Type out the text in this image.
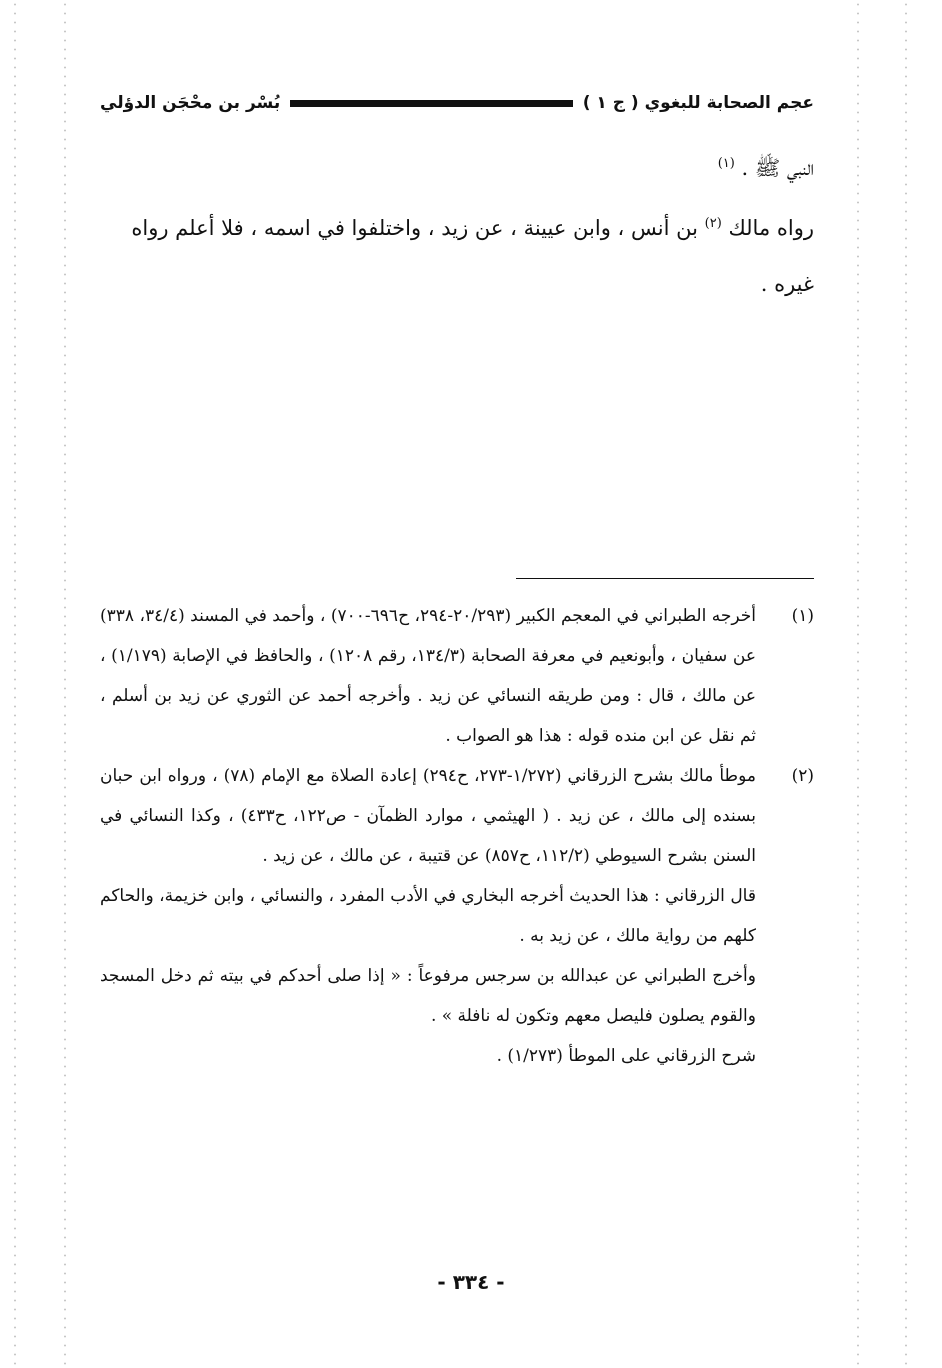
عجم الصحابة للبغوي ( ج ١ )
بُسْر بن محْجَن الدؤلي

النبي ﷺ . $^{(١)}$

رواه مالك $^{(٢)}$ بن أنس ، وابن عيينة ، عن زيد ، واختلفوا في اسمه ، فلا أعلم رواه غيره .

(١)
أخرجه الطبراني في المعجم الكبير (٢٠/٢٩٣-٢٩٤، ح٦٩٦-٧٠٠) ، وأحمد في المسند (٣٤/٤، ٣٣٨) عن سفيان ، وأبونعيم في معرفة الصحابة (١٣٤/٣، رقم ١٢٠٨) ، والحافظ في الإصابة (١/١٧٩) ، عن مالك ، قال : ومن طريقه النسائي عن زيد . وأخرجه أحمد عن الثوري عن زيد بن أسلم ، ثم نقل عن ابن منده قوله : هذا هو الصواب .
(٢)
موطأ مالك بشرح الزرقاني (١/٢٧٢-٢٧٣، ح٢٩٤) إعادة الصلاة مع الإمام (٧٨) ، ورواه ابن حبان بسنده إلى مالك ، عن زيد . ( الهيثمي ، موارد الظمآن - ص١٢٢، ح٤٣٣) ، وكذا النسائي في السنن بشرح السيوطي (١١٢/٢، ح٨٥٧) عن قتيبة ، عن مالك ، عن زيد .

قال الزرقاني : هذا الحديث أخرجه البخاري في الأدب المفرد ، والنسائي ، وابن خزيمة، والحاكم كلهم من رواية مالك ، عن زيد به .

وأخرج الطبراني عن عبدالله بن سرجس مرفوعاً : « إذا صلى أحدكم في بيته ثم دخل المسجد والقوم يصلون فليصل معهم وتكون له نافلة » .

شرح الزرقاني على الموطأ (١/٢٧٣) .

- ٣٣٤ -
